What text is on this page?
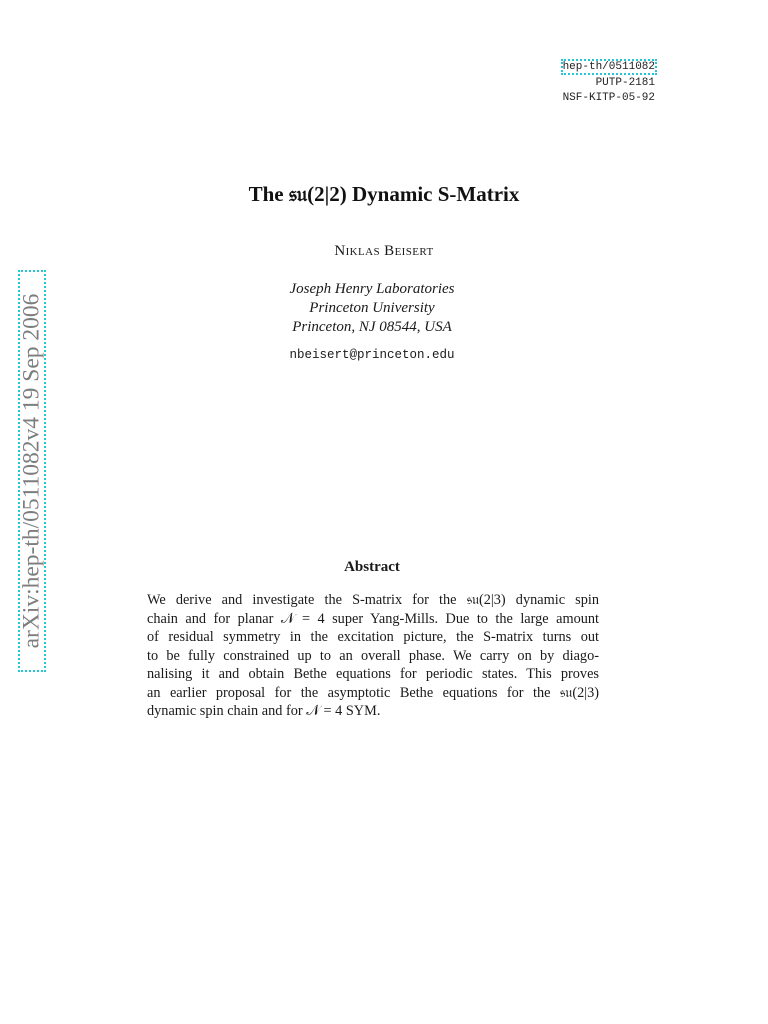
hep-th/0511082
PUTP-2181
NSF-KITP-05-92
arXiv:hep-th/0511082v4 19 Sep 2006
The 𝔰𝔲(2|2) Dynamic S-Matrix
Niklas Beisert
Joseph Henry Laboratories
Princeton University
Princeton, NJ 08544, USA
nbeisert@princeton.edu
Abstract
We derive and investigate the S-matrix for the 𝔰𝔲(2|3) dynamic spin
chain and for planar 𝒩 = 4 super Yang-Mills. Due to the large amount
of residual symmetry in the excitation picture, the S-matrix turns out
to be fully constrained up to an overall phase. We carry on by diago-
nalising it and obtain Bethe equations for periodic states. This proves
an earlier proposal for the asymptotic Bethe equations for the 𝔰𝔲(2|3)
dynamic spin chain and for 𝒩 = 4 SYM.
